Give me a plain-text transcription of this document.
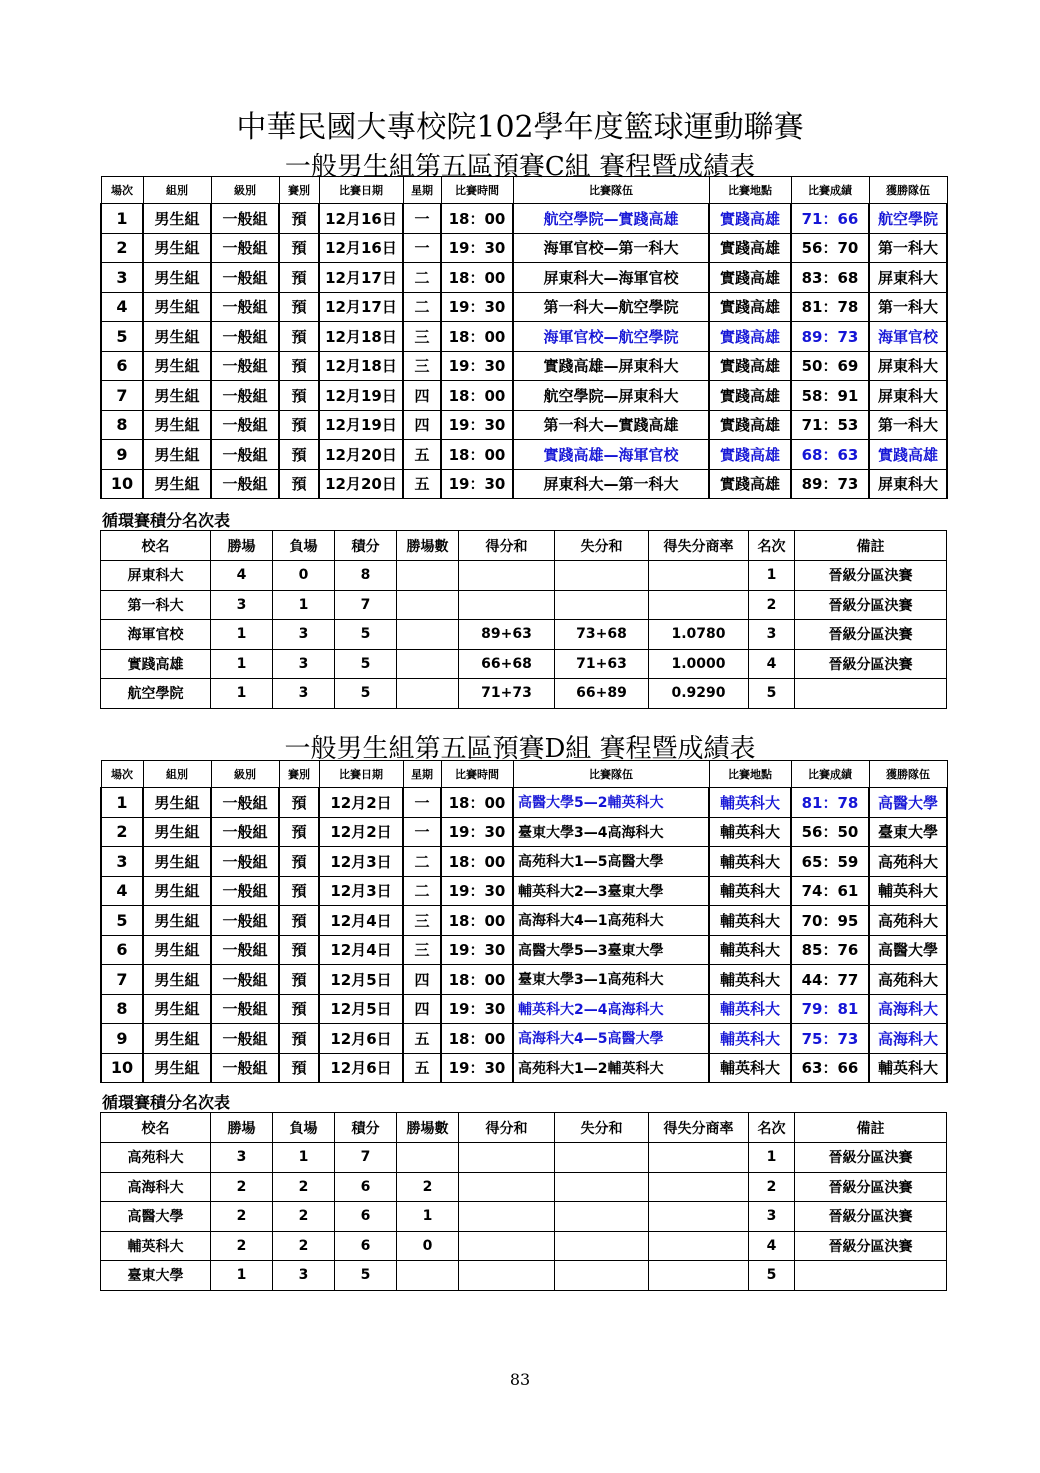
中華民國大專校院102學年度籃球運動聯賽
一般男生組第五區預賽C組 賽程暨成績表
場次	組別	級別	賽別	比賽日期	星期	比賽時間	比賽隊伍	比賽地點	比賽成績	獲勝隊伍
1	男生組	一般組	預	12月16日	一	18：00	航空學院—實踐高雄	實踐高雄	71：66	航空學院
2	男生組	一般組	預	12月16日	一	19：30	海軍官校—第一科大	實踐高雄	56：70	第一科大
3	男生組	一般組	預	12月17日	二	18：00	屏東科大—海軍官校	實踐高雄	83：68	屏東科大
4	男生組	一般組	預	12月17日	二	19：30	第一科大—航空學院	實踐高雄	81：78	第一科大
5	男生組	一般組	預	12月18日	三	18：00	海軍官校—航空學院	實踐高雄	89：73	海軍官校
6	男生組	一般組	預	12月18日	三	19：30	實踐高雄—屏東科大	實踐高雄	50：69	屏東科大
7	男生組	一般組	預	12月19日	四	18：00	航空學院—屏東科大	實踐高雄	58：91	屏東科大
8	男生組	一般組	預	12月19日	四	19：30	第一科大—實踐高雄	實踐高雄	71：53	第一科大
9	男生組	一般組	預	12月20日	五	18：00	實踐高雄—海軍官校	實踐高雄	68：63	實踐高雄
10	男生組	一般組	預	12月20日	五	19：30	屏東科大—第一科大	實踐高雄	89：73	屏東科大
循環賽積分名次表
校名	勝場	負場	積分	勝場數	得分和	失分和	得失分商率	名次	備註
屏東科大	4	0	8					1	晉級分區決賽
第一科大	3	1	7					2	晉級分區決賽
海軍官校	1	3	5		89+63	73+68	1.0780	3	晉級分區決賽
實踐高雄	1	3	5		66+68	71+63	1.0000	4	晉級分區決賽
航空學院	1	3	5		71+73	66+89	0.9290	5	
一般男生組第五區預賽D組 賽程暨成績表
場次	組別	級別	賽別	比賽日期	星期	比賽時間	比賽隊伍	比賽地點	比賽成績	獲勝隊伍
1	男生組	一般組	預	12月2日	一	18：00	高醫大學5—2輔英科大	輔英科大	81：78	高醫大學
2	男生組	一般組	預	12月2日	一	19：30	臺東大學3—4高海科大	輔英科大	56：50	臺東大學
3	男生組	一般組	預	12月3日	二	18：00	高苑科大1—5高醫大學	輔英科大	65：59	高苑科大
4	男生組	一般組	預	12月3日	二	19：30	輔英科大2—3臺東大學	輔英科大	74：61	輔英科大
5	男生組	一般組	預	12月4日	三	18：00	高海科大4—1高苑科大	輔英科大	70：95	高苑科大
6	男生組	一般組	預	12月4日	三	19：30	高醫大學5—3臺東大學	輔英科大	85：76	高醫大學
7	男生組	一般組	預	12月5日	四	18：00	臺東大學3—1高苑科大	輔英科大	44：77	高苑科大
8	男生組	一般組	預	12月5日	四	19：30	輔英科大2—4高海科大	輔英科大	79：81	高海科大
9	男生組	一般組	預	12月6日	五	18：00	高海科大4—5高醫大學	輔英科大	75：73	高海科大
10	男生組	一般組	預	12月6日	五	19：30	高苑科大1—2輔英科大	輔英科大	63：66	輔英科大
循環賽積分名次表
校名	勝場	負場	積分	勝場數	得分和	失分和	得失分商率	名次	備註
高苑科大	3	1	7					1	晉級分區決賽
高海科大	2	2	6	2				2	晉級分區決賽
高醫大學	2	2	6	1				3	晉級分區決賽
輔英科大	2	2	6	0				4	晉級分區決賽
臺東大學	1	3	5					5	
83
